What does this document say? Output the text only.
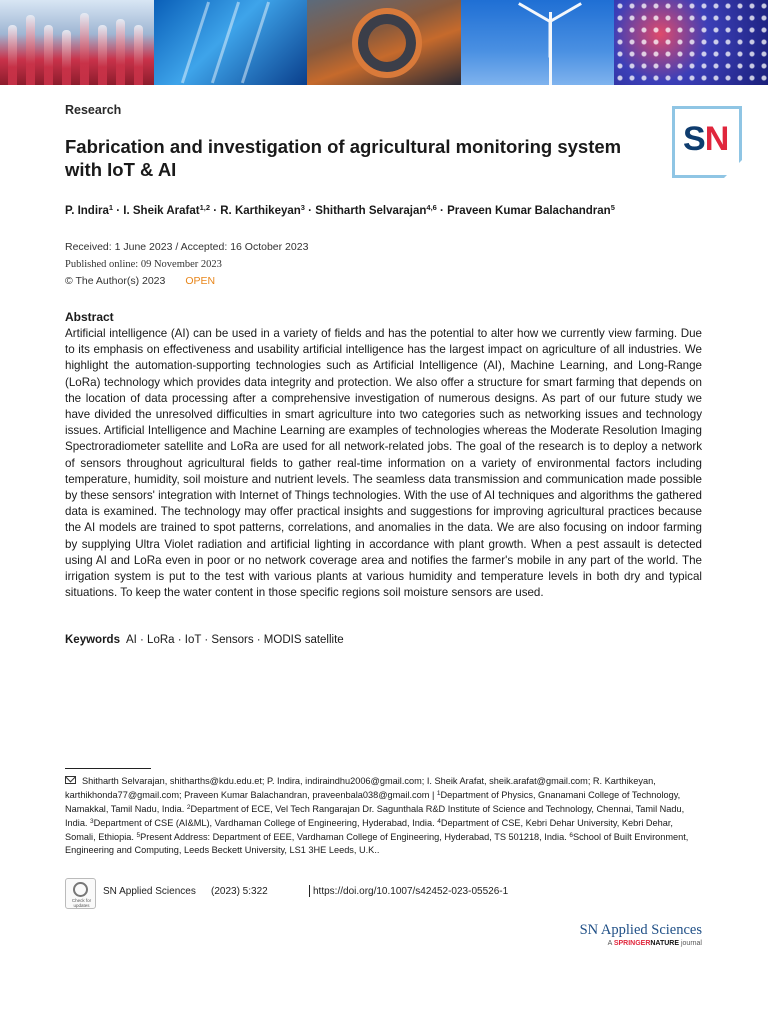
Research
Fabrication and investigation of agricultural monitoring system with IoT & AI
SN
P. Indira$^1$ · I. Sheik Arafat$^{1,2}$ · R. Karthikeyan$^3$ · Shitharth Selvarajan$^{4,6}$ · Praveen Kumar Balachandran$^5$
Received: 1 June 2023 / Accepted: 16 October 2023
Published online: 09 November 2023
© The Author(s) 2023 OPEN
Abstract

Artificial intelligence (AI) can be used in a variety of fields and has the potential to alter how we currently view farming. Due to its emphasis on effectiveness and usability artificial intelligence has the largest impact on agriculture of all industries. We highlight the automation-supporting technologies such as Artificial Intelligence (AI), Machine Learning, and Long-Range (LoRa) technology which provides data integrity and protection. We also offer a structure for smart farming that depends on the location of data processing after a comprehensive investigation of numerous designs. As part of our future study we have divided the unresolved difficulties in smart agriculture into two categories such as networking issues and technology issues. Artificial Intelligence and Machine Learning are examples of technologies whereas the Moderate Resolution Imaging Spectroradiometer satellite and LoRa are used for all network-related jobs. The goal of the research is to deploy a network of sensors throughout agricultural fields to gather real-time information on a variety of environmental factors including temperature, humidity, soil moisture and nutrient levels. The seamless data transmission and communication made possible by these sensors' integration with Internet of Things technologies. With the use of AI techniques and algorithms the gathered data is examined. The technology may offer practical insights and suggestions for improving agricultural practices because the AI models are trained to spot patterns, correlations, and anomalies in the data. We are also focusing on indoor farming by supplying Ultra Violet radiation and artificial lighting in accordance with plant growth. When a pest assault is detected using AI and LoRa even in poor or no network coverage area and notifies the farmer's mobile in any part of the world. The irrigation system is put to the test with various plants at various humidity and temperature levels in both dry and typical situations. To keep the water content in those specific regions soil moisture sensors are used.

Keywords AI · LoRa · IoT · Sensors · MODIS satellite
Shitharth Selvarajan, shitharths@kdu.edu.et; P. Indira, indiraindhu2006@gmail.com; I. Sheik Arafat, sheik.arafat@gmail.com; R. Karthikeyan, karthikhonda77@gmail.com; Praveen Kumar Balachandran, praveenbala038@gmail.com | $^1$Department of Physics, Gnanamani College of Technology, Namakkal, Tamil Nadu, India. $^2$Department of ECE, Vel Tech Rangarajan Dr. Sagunthala R&D Institute of Science and Technology, Chennai, Tamil Nadu, India. $^3$Department of CSE (AI&ML), Vardhaman College of Engineering, Hyderabad, India. $^4$Department of CSE, Kebri Dehar University, Kebri Dehar, Somali, Ethiopia. $^5$Present Address: Department of EEE, Vardhaman College of Engineering, Hyderabad, TS 501218, India. $^6$School of Built Environment, Engineering and Computing, Leeds Beckett University, LS1 3HE Leeds, U.K..
Check for updates
SN Applied Sciences (2023) 5:322	https://doi.org/10.1007/s42452-023-05526-1
SN Applied Sciences
A SPRINGERNATURE journal
